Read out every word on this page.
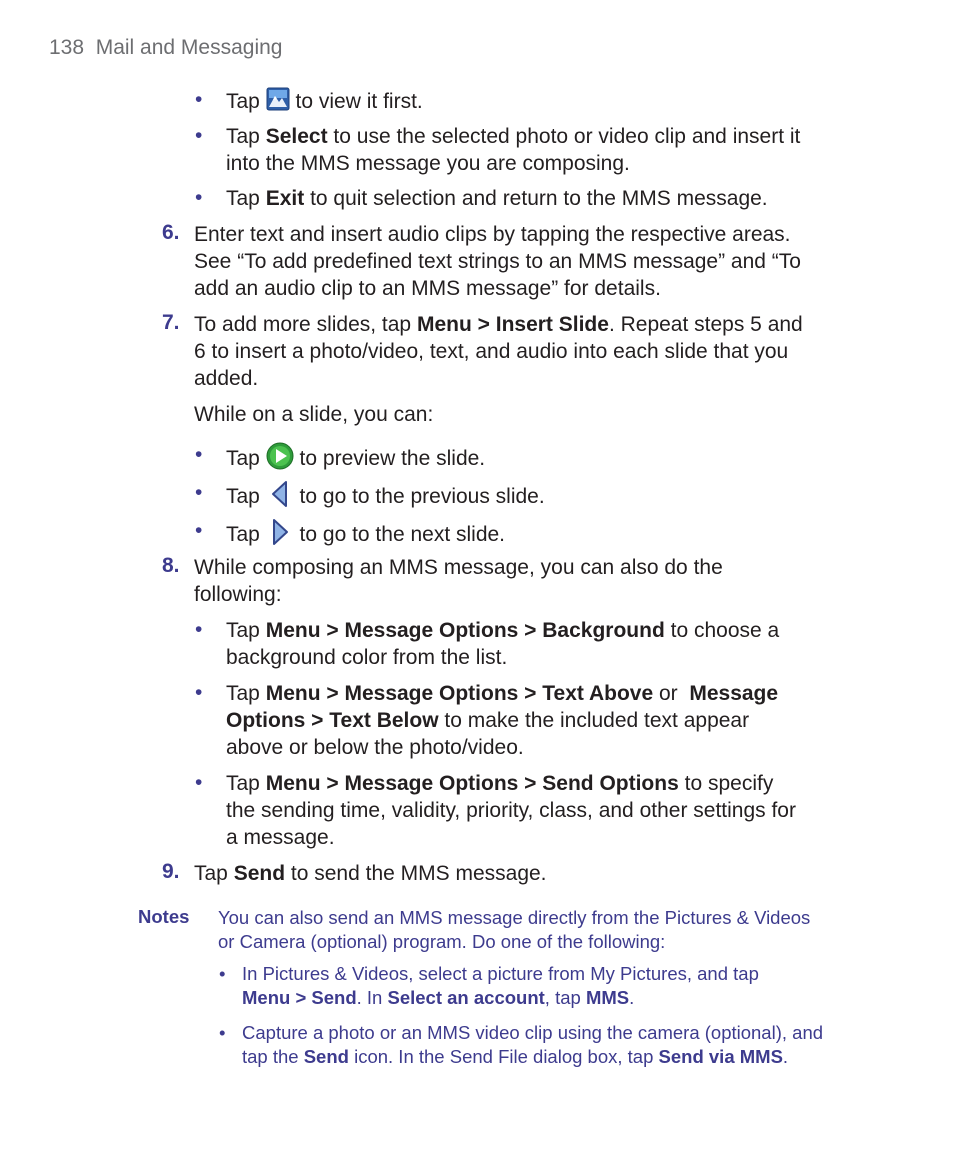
138 Mail and Messaging
• Tap to view it first.
• Tap Select to use the selected photo or video clip and insert it
into the MMS message you are composing.
• Tap Exit to quit selection and return to the MMS message.
6. Enter text and insert audio clips by tapping the respective areas.
See “To add predefined text strings to an MMS message” and “To
add an audio clip to an MMS message” for details.
7. To add more slides, tap Menu > Insert Slide. Repeat steps 5 and
6 to insert a photo/video, text, and audio into each slide that you
added.
While on a slide, you can:
• Tap to preview the slide.
• Tap to go to the previous slide.
• Tap to go to the next slide.
8. While composing an MMS message, you can also do the
following:
• Tap Menu > Message Options > Background to choose a
background color from the list.
• Tap Menu > Message Options > Text Above or Message
Options > Text Below to make the included text appear
above or below the photo/video.
• Tap Menu > Message Options > Send Options to specify
the sending time, validity, priority, class, and other settings for
a message.
9. Tap Send to send the MMS message.
Notes You can also send an MMS message directly from the Pictures & Videos
or Camera (optional) program. Do one of the following:
• In Pictures & Videos, select a picture from My Pictures, and tap
Menu > Send. In Select an account, tap MMS.
• Capture a photo or an MMS video clip using the camera (optional), and
tap the Send icon. In the Send File dialog box, tap Send via MMS.
